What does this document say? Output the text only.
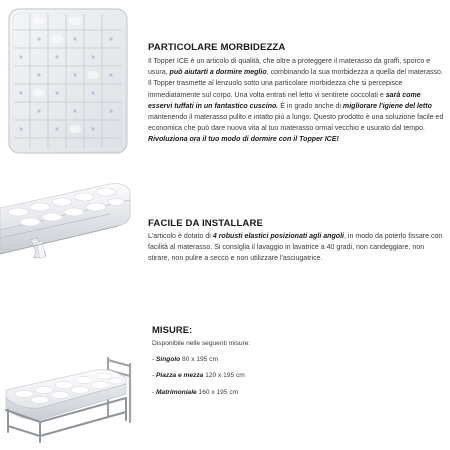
PARTICOLARE MORBIDEZZA
Il Topper ICE è un articolo di qualità, che oltre a proteggere il materasso da graffi, sporco e usura, può aiutarti a dormire meglio, combinando la sua morbidezza a quella del materasso. Il Topper trasmette al lenzuolo sotto una particolare morbidezza che si percepisce immediatamente sul corpo. Una volta entrati nel letto vi sentirete coccolati e sarà come esservi tuffati in un fantastico cuscino. È in grado anche di migliorare l'igiene del letto mantenendo il materasso pulito e intatto più a lungo. Questo prodotto è una soluzione facile ed economica che può dare nuova vita al tuo materasso ormai vecchio e usurato dal tempo. Rivoluziona ora il tuo modo di dormire con il Topper ICE!
FACILE DA INSTALLARE
L'articolo è dotato di 4 robusti elastici posizionati agli angoli, in modo da poterlo fissare con facilità al materasso. Si consiglia il lavaggio in lavatrice a 40 gradi, non candeggiare, non stirare, non pulire a secco e non utilizzare l'asciugatrice.
MISURE:
Disponibile nelle seguenti misure:
- Singolo 80 x 195 cm
- Piazza e mezza 120 x 195 cm
- Matrimoniale 160 x 195 cm
